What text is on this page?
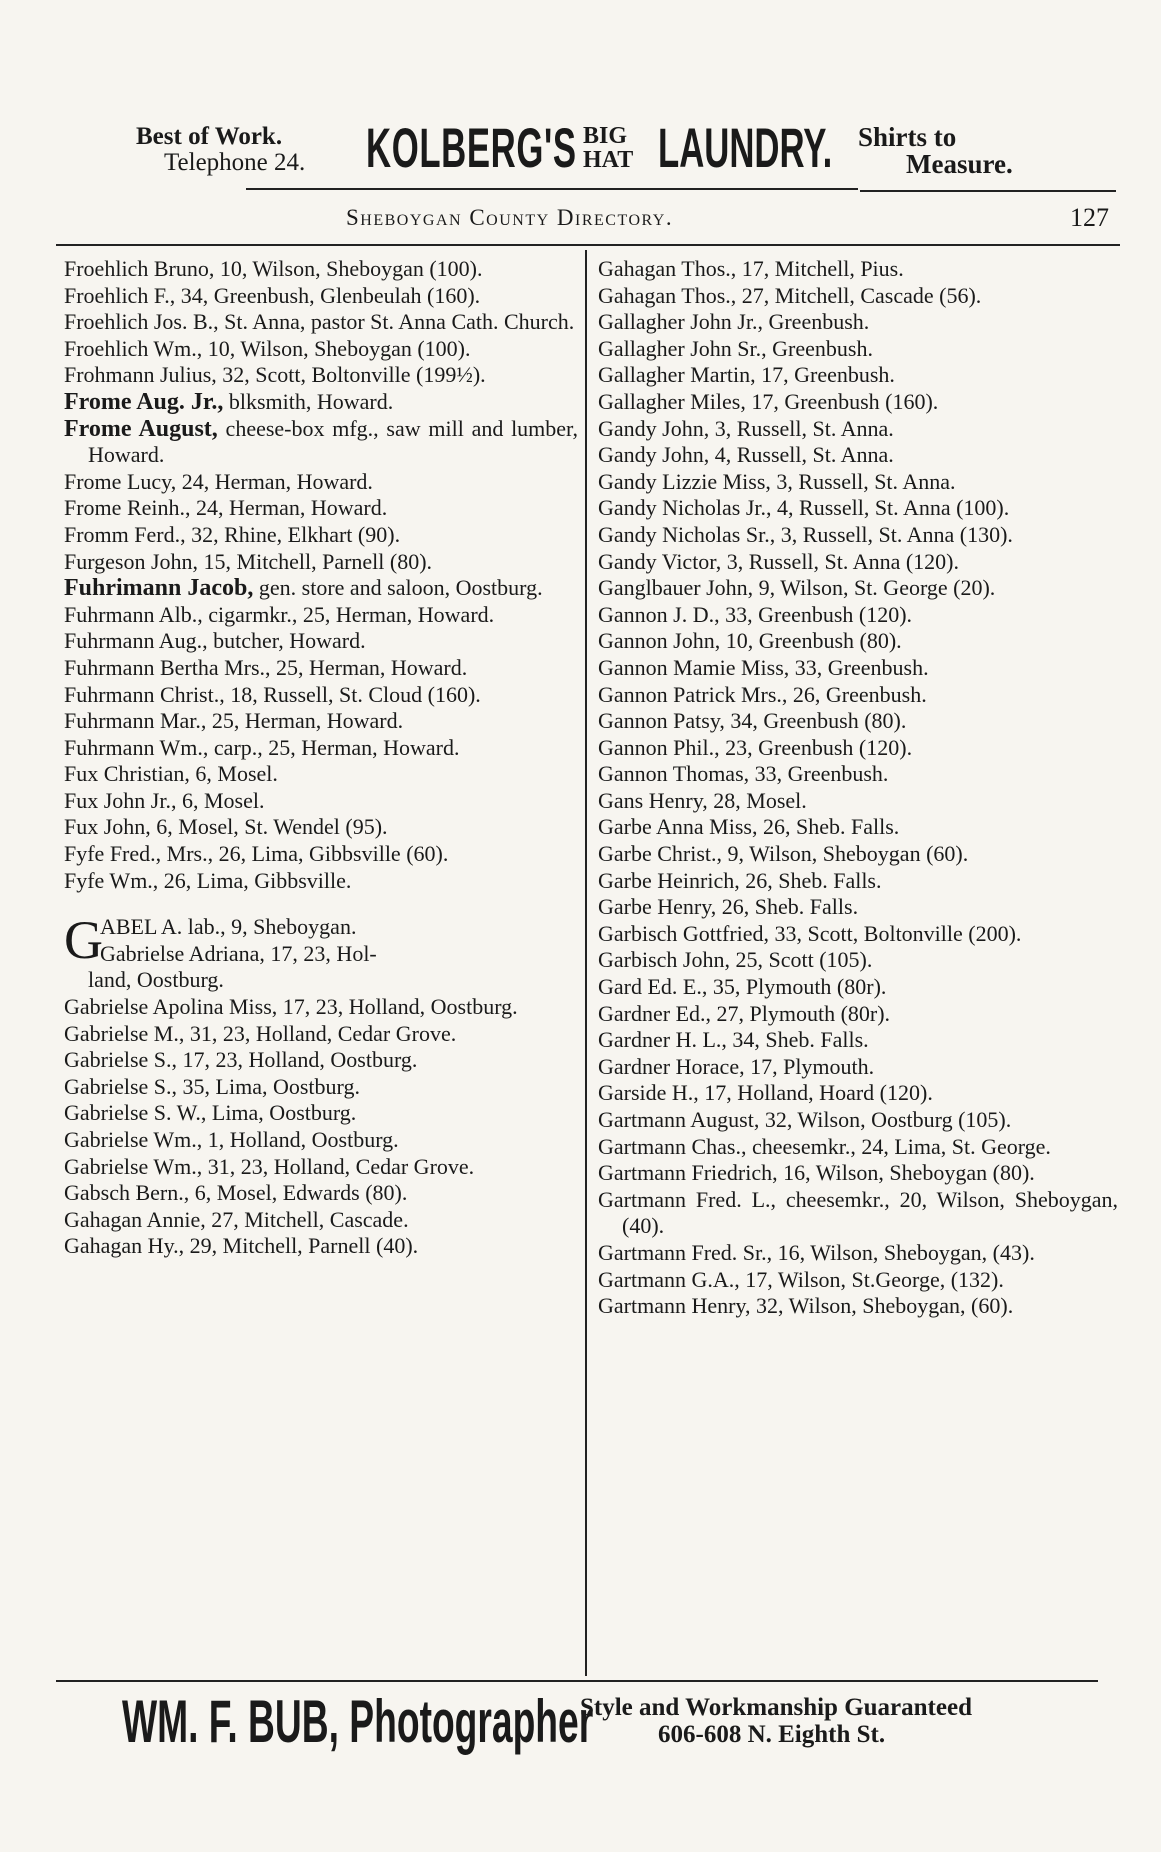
Best of Work.
Telephone 24. KOLBERG'S BIG
HAT LAUNDRY. Shirts to
Measure.
Sheboygan County Directory.	127
Froehlich Bruno, 10, Wilson, Sheboygan (100).
Froehlich F., 34, Greenbush, Glenbeulah (160).
Froehlich Jos. B., St. Anna, pastor St. Anna Cath. Church.
Froehlich Wm., 10, Wilson, Sheboygan (100).
Frohmann Julius, 32, Scott, Boltonville (199½).
Frome Aug. Jr., blksmith, Howard.
Frome August, cheese-box mfg., saw mill and lumber, Howard.
Frome Lucy, 24, Herman, Howard.
Frome Reinh., 24, Herman, Howard.
Fromm Ferd., 32, Rhine, Elkhart (90).
Furgeson John, 15, Mitchell, Parnell (80).
Fuhrimann Jacob, gen. store and saloon, Oostburg.
Fuhrmann Alb., cigarmkr., 25, Herman, Howard.
Fuhrmann Aug., butcher, Howard.
Fuhrmann Bertha Mrs., 25, Herman, Howard.
Fuhrmann Christ., 18, Russell, St. Cloud (160).
Fuhrmann Mar., 25, Herman, Howard.
Fuhrmann Wm., carp., 25, Herman, Howard.
Fux Christian, 6, Mosel.
Fux John Jr., 6, Mosel.
Fux John, 6, Mosel, St. Wendel (95).
Fyfe Fred., Mrs., 26, Lima, Gibbsville (60).
Fyfe Wm., 26, Lima, Gibbsville.
G
ABEL A. lab., 9, Sheboygan.
Gabrielse Adriana, 17, 23, Hol-
land, Oostburg.
Gabrielse Apolina Miss, 17, 23, Holland, Oostburg.
Gabrielse M., 31, 23, Holland, Cedar Grove.
Gabrielse S., 17, 23, Holland, Oostburg.
Gabrielse S., 35, Lima, Oostburg.
Gabrielse S. W., Lima, Oostburg.
Gabrielse Wm., 1, Holland, Oostburg.
Gabrielse Wm., 31, 23, Holland, Cedar Grove.
Gabsch Bern., 6, Mosel, Edwards (80).
Gahagan Annie, 27, Mitchell, Cascade.
Gahagan Hy., 29, Mitchell, Parnell (40).
Gahagan Thos., 17, Mitchell, Pius.
Gahagan Thos., 27, Mitchell, Cascade (56).
Gallagher John Jr., Greenbush.
Gallagher John Sr., Greenbush.
Gallagher Martin, 17, Greenbush.
Gallagher Miles, 17, Greenbush (160).
Gandy John, 3, Russell, St. Anna.
Gandy John, 4, Russell, St. Anna.
Gandy Lizzie Miss, 3, Russell, St. Anna.
Gandy Nicholas Jr., 4, Russell, St. Anna (100).
Gandy Nicholas Sr., 3, Russell, St. Anna (130).
Gandy Victor, 3, Russell, St. Anna (120).
Ganglbauer John, 9, Wilson, St. George (20).
Gannon J. D., 33, Greenbush (120).
Gannon John, 10, Greenbush (80).
Gannon Mamie Miss, 33, Greenbush.
Gannon Patrick Mrs., 26, Greenbush.
Gannon Patsy, 34, Greenbush (80).
Gannon Phil., 23, Greenbush (120).
Gannon Thomas, 33, Greenbush.
Gans Henry, 28, Mosel.
Garbe Anna Miss, 26, Sheb. Falls.
Garbe Christ., 9, Wilson, Sheboygan (60).
Garbe Heinrich, 26, Sheb. Falls.
Garbe Henry, 26, Sheb. Falls.
Garbisch Gottfried, 33, Scott, Boltonville (200).
Garbisch John, 25, Scott (105).
Gard Ed. E., 35, Plymouth (80r).
Gardner Ed., 27, Plymouth (80r).
Gardner H. L., 34, Sheb. Falls.
Gardner Horace, 17, Plymouth.
Garside H., 17, Holland, Hoard (120).
Gartmann August, 32, Wilson, Oostburg (105).
Gartmann Chas., cheesemkr., 24, Lima, St. George.
Gartmann Friedrich, 16, Wilson, Sheboygan (80).
Gartmann Fred. L., cheesemkr., 20, Wilson, Sheboygan, (40).
Gartmann Fred. Sr., 16, Wilson, Sheboygan, (43).
Gartmann G.A., 17, Wilson, St.George, (132).
Gartmann Henry, 32, Wilson, Sheboygan, (60).
WM. F. BUB, Photographer
Style and Workmanship Guaranteed
606-608 N. Eighth St.
